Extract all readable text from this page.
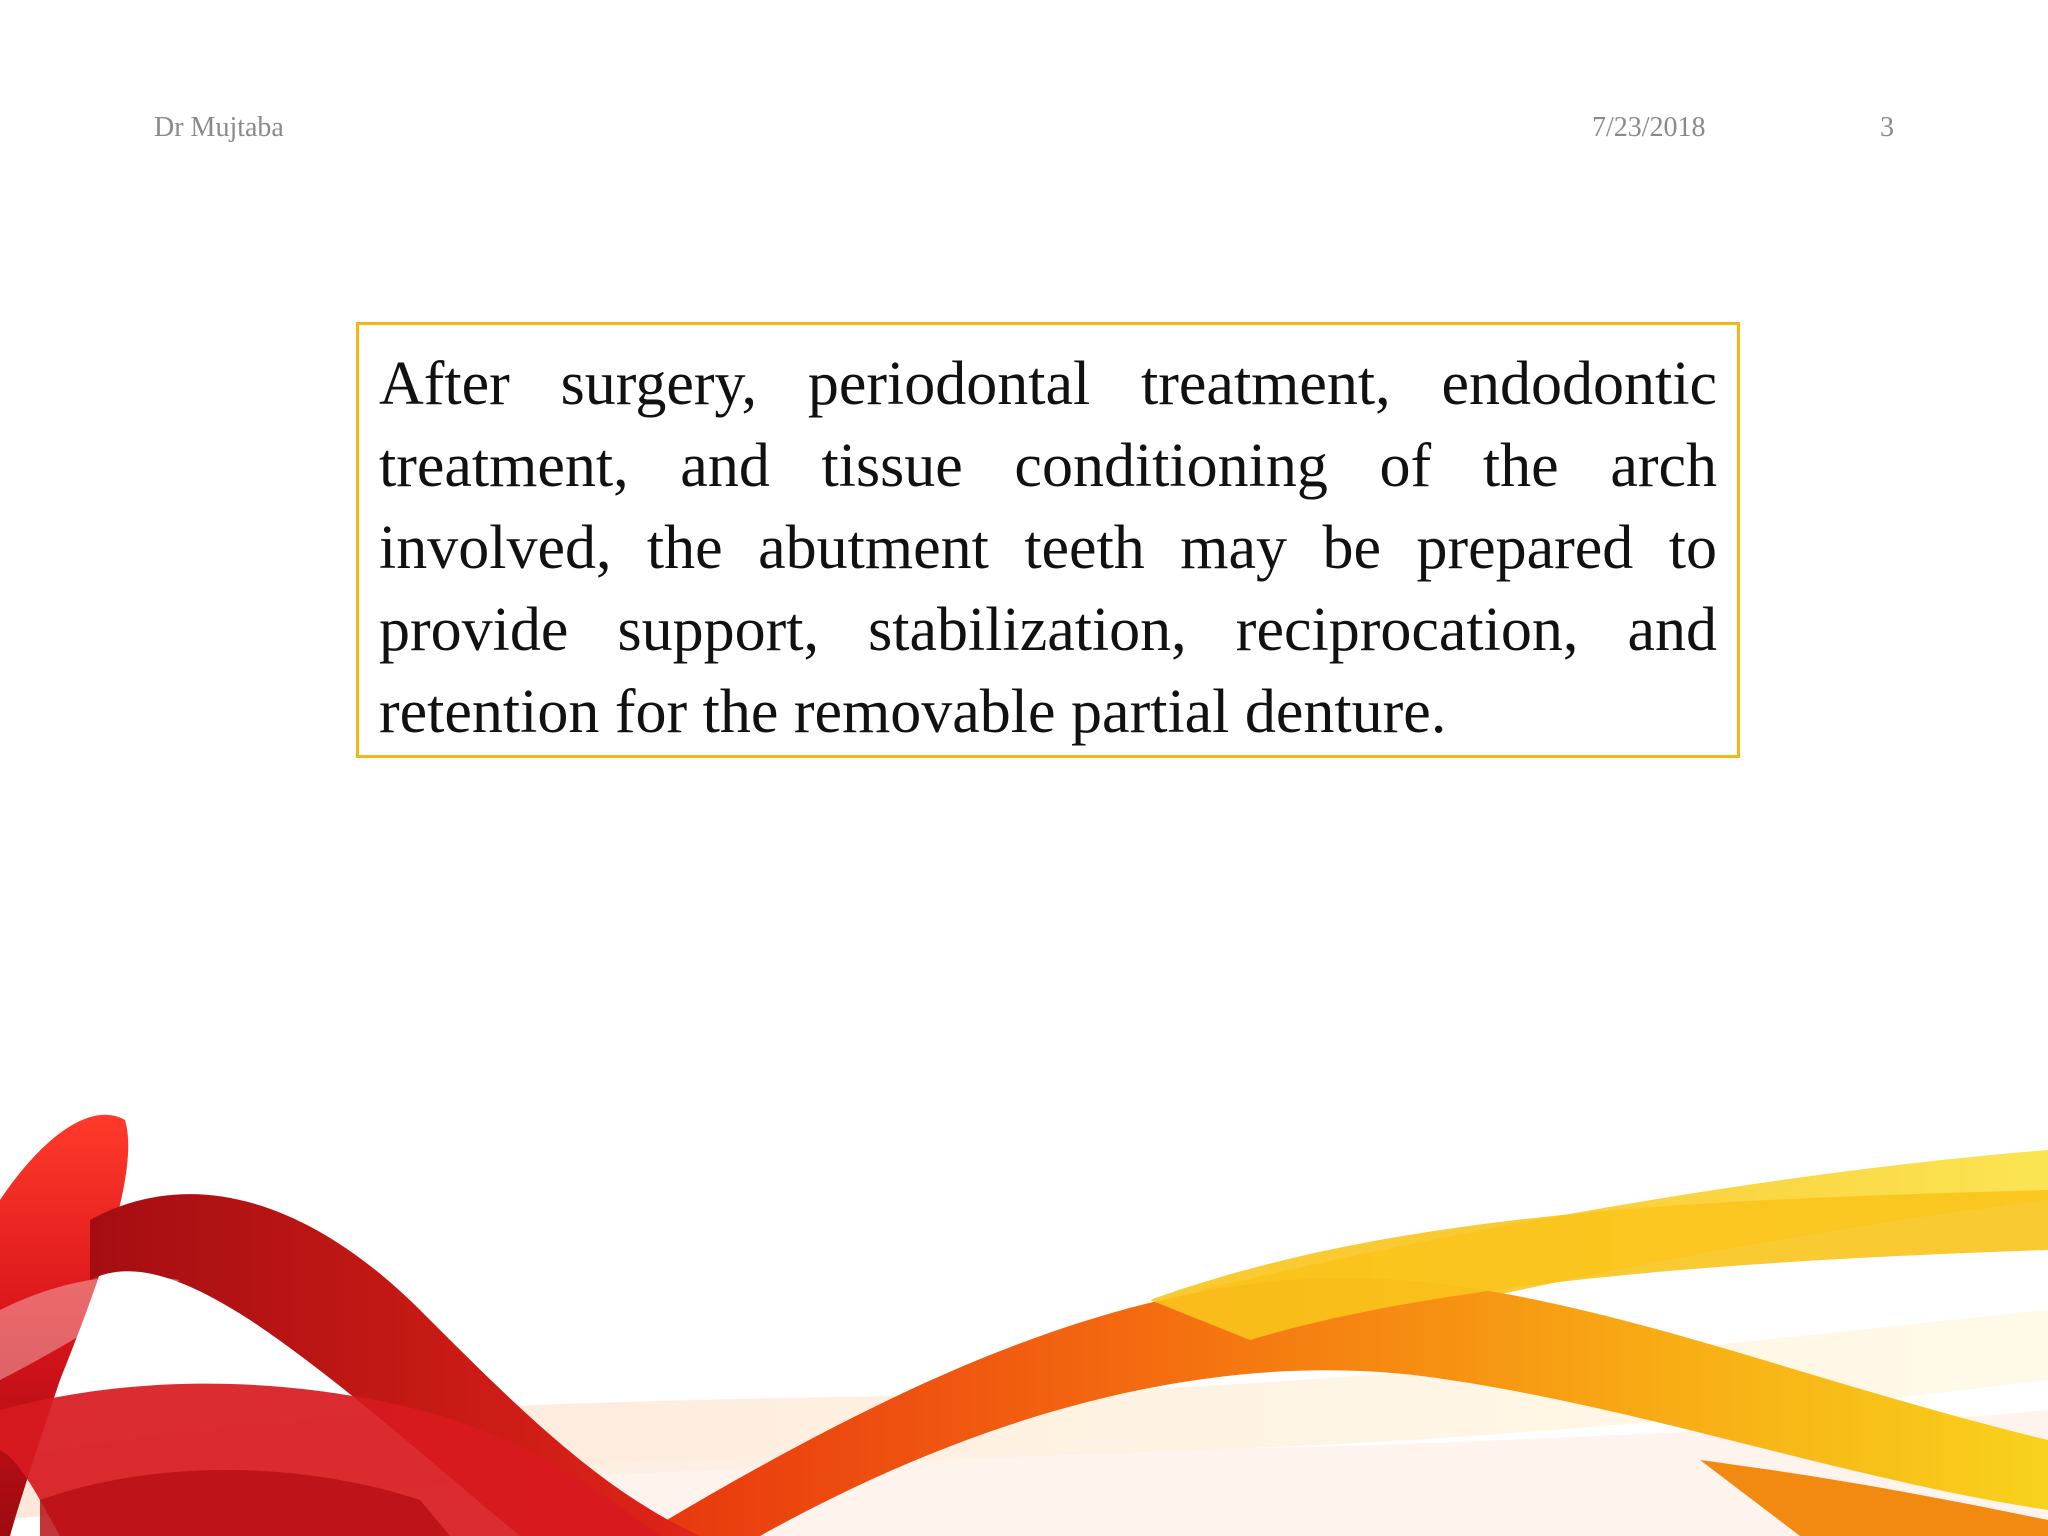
Dr Mujtaba	7/23/2018	3

After surgery, periodontal treatment, endodontic treatment, and tissue conditioning of the arch involved, the abutment teeth may be prepared to provide support, stabilization, reciprocation, and retention for the removable partial denture.
